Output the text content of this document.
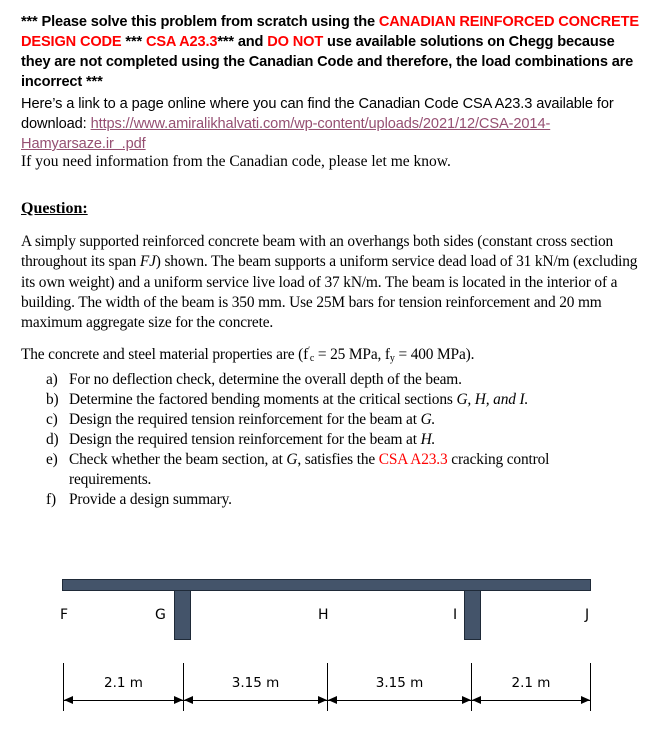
*** Please solve this problem from scratch using the CANADIAN REINFORCED CONCRETE DESIGN CODE *** CSA A23.3*** and DO NOT use available solutions on Chegg because they are not completed using the Canadian Code and therefore, the load combinations are incorrect ***
Here’s a link to a page online where you can find the Canadian Code CSA A23.3 available for download: https://www.amiralikhalvati.com/wp-content/uploads/2021/12/CSA-2014-Hamyarsaze.ir  .pdf
If you need information from the Canadian code, please let me know.
Question:
A simply supported reinforced concrete beam with an overhangs both sides (constant cross section throughout its span FJ) shown. The beam supports a uniform service dead load of 31 kN/m (excluding its own weight) and a uniform service live load of 37 kN/m. The beam is located in the interior of a building. The width of the beam is 350 mm. Use 25M bars for tension reinforcement and 20 mm maximum aggregate size for the concrete.
The concrete and steel material properties are ($f'_c = 25$ MPa, $f_y = 400$ MPa).
a) For no deflection check, determine the overall depth of the beam.
b) Determine the factored bending moments at the critical sections G, H, and I.
c) Design the required tension reinforcement for the beam at G.
d) Design the required tension reinforcement for the beam at H.
e) Check whether the beam section, at G, satisfies the CSA A23.3 cracking control requirements.
f) Provide a design summary.
F	G	H	I	J
2.1 m	3.15 m	3.15 m	2.1 m
